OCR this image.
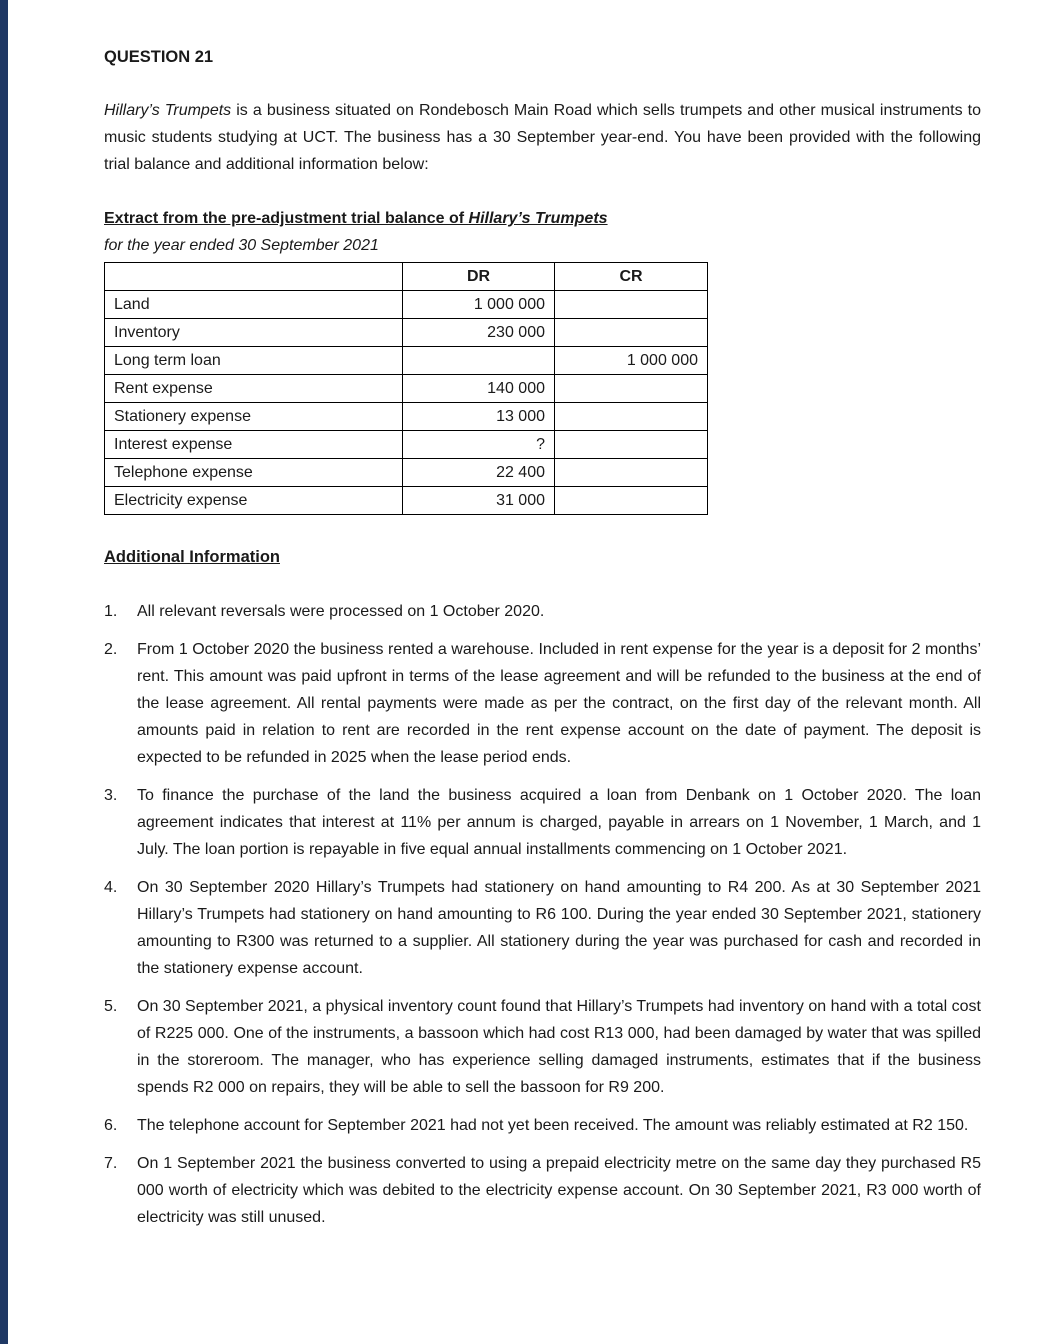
QUESTION 21

Hillary’s Trumpets is a business situated on Rondebosch Main Road which sells trumpets and other musical instruments to music students studying at UCT. The business has a 30 September year-end. You have been provided with the following trial balance and additional information below:

Extract from the pre-adjustment trial balance of Hillary’s Trumpets
for the year ended 30 September 2021
	DR	CR
Land	1 000 000	
Inventory	230 000	
Long term loan		1 000 000
Rent expense	140 000	
Stationery expense	13 000	
Interest expense	?	
Telephone expense	22 400	
Electricity expense	31 000	
Additional Information
1.	All relevant reversals were processed on 1 October 2020.
2.	From 1 October 2020 the business rented a warehouse. Included in rent expense for the year is a deposit for 2 months’ rent. This amount was paid upfront in terms of the lease agreement and will be refunded to the business at the end of the lease agreement. All rental payments were made as per the contract, on the first day of the relevant month. All amounts paid in relation to rent are recorded in the rent expense account on the date of payment. The deposit is expected to be refunded in 2025 when the lease period ends.
3.	To finance the purchase of the land the business acquired a loan from Denbank on 1 October 2020. The loan agreement indicates that interest at 11% per annum is charged, payable in arrears on 1 November, 1 March, and 1 July. The loan portion is repayable in five equal annual installments commencing on 1 October 2021.
4.	On 30 September 2020 Hillary’s Trumpets had stationery on hand amounting to R4 200. As at 30 September 2021 Hillary’s Trumpets had stationery on hand amounting to R6 100. During the year ended 30 September 2021, stationery amounting to R300 was returned to a supplier. All stationery during the year was purchased for cash and recorded in the stationery expense account.
5.	On 30 September 2021, a physical inventory count found that Hillary’s Trumpets had inventory on hand with a total cost of R225 000. One of the instruments, a bassoon which had cost R13 000, had been damaged by water that was spilled in the storeroom. The manager, who has experience selling damaged instruments, estimates that if the business spends R2 000 on repairs, they will be able to sell the bassoon for R9 200.
6.	The telephone account for September 2021 had not yet been received. The amount was reliably estimated at R2 150.
7.	On 1 September 2021 the business converted to using a prepaid electricity metre on the same day they purchased R5 000 worth of electricity which was debited to the electricity expense account. On 30 September 2021, R3 000 worth of electricity was still unused.
